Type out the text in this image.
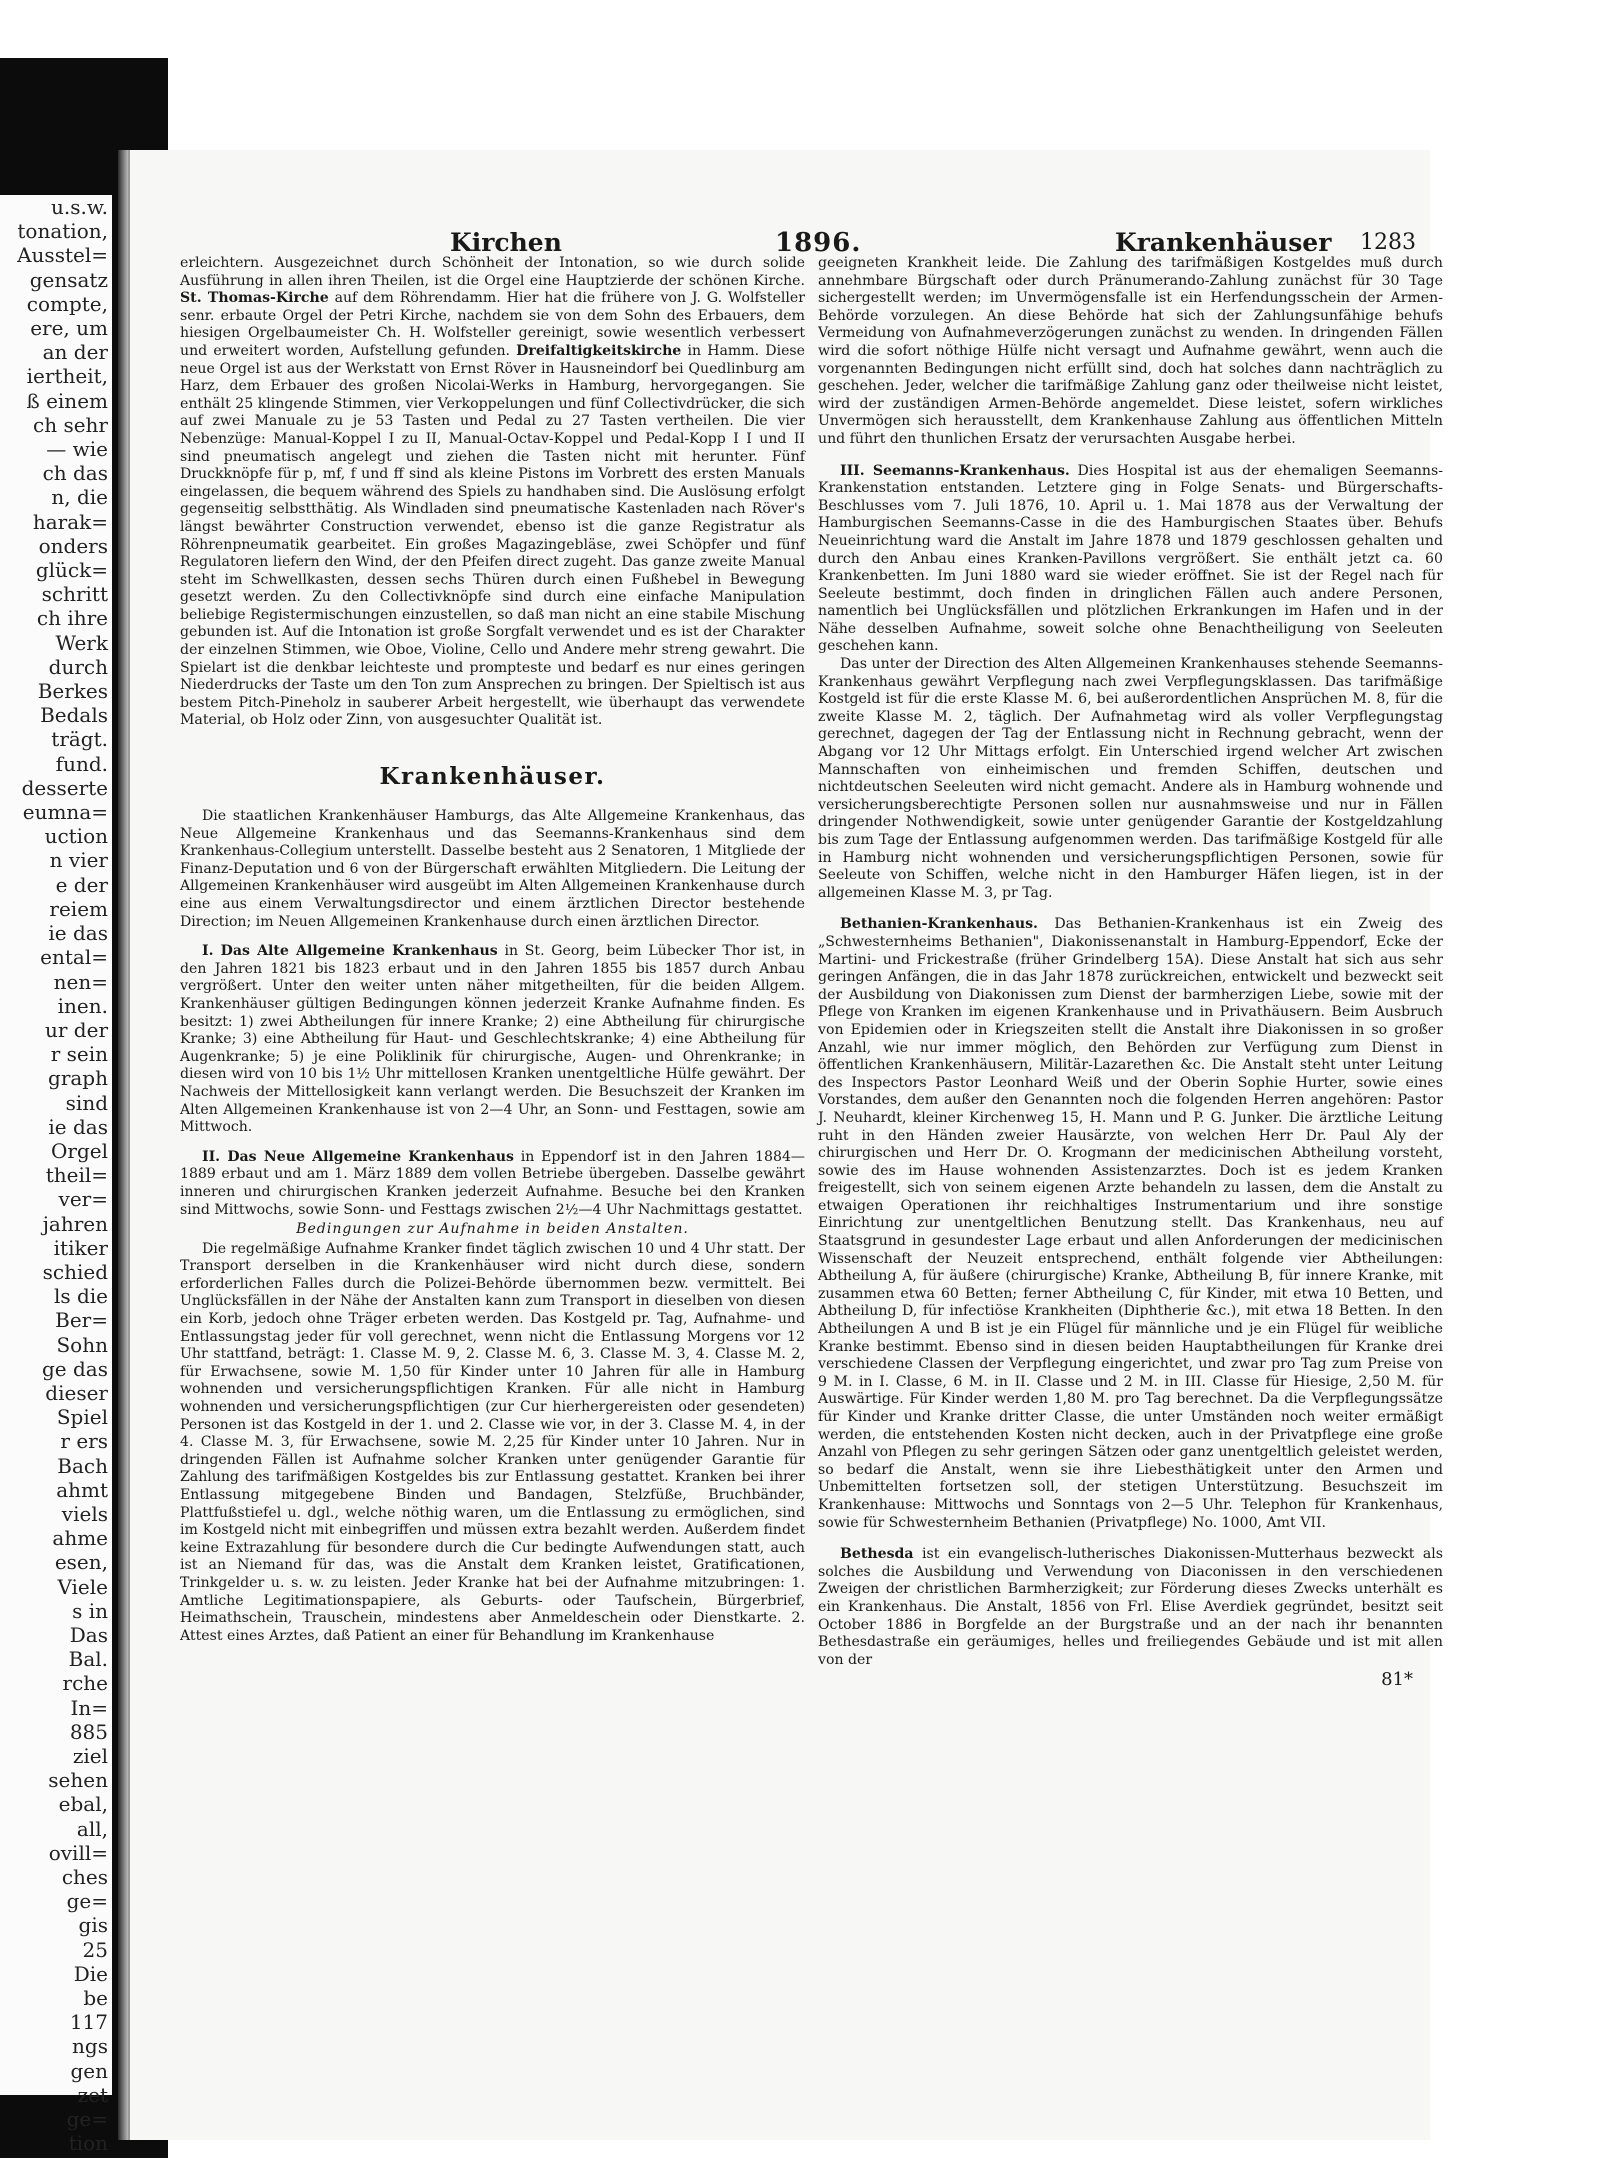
u.s.w.
tonation,
Ausstel=
gensatz
compte,
ere, um
an der
iertheit,
ß einem
ch sehr
— wie
ch das
n, die
harak=
onders
glück=
schritt
ch ihre
Werk
durch
Berkes
Bedals
trägt.
fund.
desserte
eumna=
uction
n vier
e der
reiem
ie das
ental=
nen=
inen.
ur der
r sein
graph
sind
ie das
Orgel
theil=
ver=
jahren
itiker
schied
ls die
Ber=
Sohn
ge das
dieser
Spiel
r ers
Bach
ahmt
viels
ahme
esen,
Viele
s in
Das
Bal.
rche
In=
885
ziel
sehen
ebal,
all,
ovill=
ches
ge=
gis
25
Die
be
117
ngs
gen
zet
ge=
tion
Kirchen	1896.	Krankenhäuser 1283

erleichtern. Ausgezeichnet durch Schönheit der Intonation, so wie durch solide Ausführung in allen ihren Theilen, ist die Orgel eine Hauptzierde der schönen Kirche. St. Thomas-Kirche auf dem Röhrendamm. Hier hat die frühere von J. G. Wolfsteller senr. erbaute Orgel der Petri Kirche, nachdem sie von dem Sohn des Erbauers, dem hiesigen Orgelbaumeister Ch. H. Wolfsteller gereinigt, sowie wesentlich verbessert und erweitert worden, Aufstellung gefunden. Dreifaltigkeitskirche in Hamm. Diese neue Orgel ist aus der Werkstatt von Ernst Röver in Hausneindorf bei Quedlinburg am Harz, dem Erbauer des großen Nicolai-Werks in Hamburg, hervorgegangen. Sie enthält 25 klingende Stimmen, vier Verkoppelungen und fünf Collectivdrücker, die sich auf zwei Manuale zu je 53 Tasten und Pedal zu 27 Tasten vertheilen. Die vier Nebenzüge: Manual-Koppel I zu II, Manual-Octav-Koppel und Pedal-Kopp I I und II sind pneumatisch angelegt und ziehen die Tasten nicht mit herunter. Fünf Druckknöpfe für p, mf, f und ff sind als kleine Pistons im Vorbrett des ersten Manuals eingelassen, die bequem während des Spiels zu handhaben sind. Die Auslösung erfolgt gegenseitig selbstthätig. Als Windladen sind pneumatische Kastenladen nach Röver's längst bewährter Construction verwendet, ebenso ist die ganze Registratur als Röhrenpneumatik gearbeitet. Ein großes Magazingebläse, zwei Schöpfer und fünf Regulatoren liefern den Wind, der den Pfeifen direct zugeht. Das ganze zweite Manual steht im Schwellkasten, dessen sechs Thüren durch einen Fußhebel in Bewegung gesetzt werden. Zu den Collectivknöpfe sind durch eine einfache Manipulation beliebige Registermischungen einzustellen, so daß man nicht an eine stabile Mischung gebunden ist. Auf die Intonation ist große Sorgfalt verwendet und es ist der Charakter der einzelnen Stimmen, wie Oboe, Violine, Cello und Andere mehr streng gewahrt. Die Spielart ist die denkbar leichteste und prompteste und bedarf es nur eines geringen Niederdrucks der Taste um den Ton zum Ansprechen zu bringen. Der Spieltisch ist aus bestem Pitch-Pineholz in sauberer Arbeit hergestellt, wie überhaupt das verwendete Material, ob Holz oder Zinn, von ausgesuchter Qualität ist.

Krankenhäuser.

Die staatlichen Krankenhäuser Hamburgs, das Alte Allgemeine Krankenhaus, das Neue Allgemeine Krankenhaus und das Seemanns-Krankenhaus sind dem Krankenhaus-Collegium unterstellt. Dasselbe besteht aus 2 Senatoren, 1 Mitgliede der Finanz-Deputation und 6 von der Bürgerschaft erwählten Mitgliedern. Die Leitung der Allgemeinen Krankenhäuser wird ausgeübt im Alten Allgemeinen Krankenhause durch eine aus einem Verwaltungsdirector und einem ärztlichen Director bestehende Direction; im Neuen Allgemeinen Krankenhause durch einen ärztlichen Director.

I. Das Alte Allgemeine Krankenhaus in St. Georg, beim Lübecker Thor ist, in den Jahren 1821 bis 1823 erbaut und in den Jahren 1855 bis 1857 durch Anbau vergrößert. Unter den weiter unten näher mitgetheilten, für die beiden Allgem. Krankenhäuser gültigen Bedingungen können jederzeit Kranke Aufnahme finden. Es besitzt: 1) zwei Abtheilungen für innere Kranke; 2) eine Abtheilung für chirurgische Kranke; 3) eine Abtheilung für Haut- und Geschlechtskranke; 4) eine Abtheilung für Augenkranke; 5) je eine Poliklinik für chirurgische, Augen- und Ohrenkranke; in diesen wird von 10 bis 1½ Uhr mittellosen Kranken unentgeltliche Hülfe gewährt. Der Nachweis der Mittellosigkeit kann verlangt werden. Die Besuchszeit der Kranken im Alten Allgemeinen Krankenhause ist von 2—4 Uhr, an Sonn- und Festtagen, sowie am Mittwoch.

II. Das Neue Allgemeine Krankenhaus in Eppendorf ist in den Jahren 1884—1889 erbaut und am 1. März 1889 dem vollen Betriebe übergeben. Dasselbe gewährt inneren und chirurgischen Kranken jederzeit Aufnahme. Besuche bei den Kranken sind Mittwochs, sowie Sonn- und Festtags zwischen 2½—4 Uhr Nachmittags gestattet.

Bedingungen zur Aufnahme in beiden Anstalten.

Die regelmäßige Aufnahme Kranker findet täglich zwischen 10 und 4 Uhr statt. Der Transport derselben in die Krankenhäuser wird nicht durch diese, sondern erforderlichen Falles durch die Polizei-Behörde übernommen bezw. vermittelt. Bei Unglücksfällen in der Nähe der Anstalten kann zum Transport in dieselben von diesen ein Korb, jedoch ohne Träger erbeten werden. Das Kostgeld pr. Tag, Aufnahme- und Entlassungstag jeder für voll gerechnet, wenn nicht die Entlassung Morgens vor 12 Uhr stattfand, beträgt: 1. Classe M. 9, 2. Classe M. 6, 3. Classe M. 3, 4. Classe M. 2, für Erwachsene, sowie M. 1,50 für Kinder unter 10 Jahren für alle in Hamburg wohnenden und versicherungspflichtigen Kranken. Für alle nicht in Hamburg wohnenden und versicherungspflichtigen (zur Cur hierhergereisten oder gesendeten) Personen ist das Kostgeld in der 1. und 2. Classe wie vor, in der 3. Classe M. 4, in der 4. Classe M. 3, für Erwachsene, sowie M. 2,25 für Kinder unter 10 Jahren. Nur in dringenden Fällen ist Aufnahme solcher Kranken unter genügender Garantie für Zahlung des tarifmäßigen Kostgeldes bis zur Entlassung gestattet. Kranken bei ihrer Entlassung mitgegebene Binden und Bandagen, Stelzfüße, Bruchbänder, Plattfußstiefel u. dgl., welche nöthig waren, um die Entlassung zu ermöglichen, sind im Kostgeld nicht mit einbegriffen und müssen extra bezahlt werden. Außerdem findet keine Extrazahlung für besondere durch die Cur bedingte Aufwendungen statt, auch ist an Niemand für das, was die Anstalt dem Kranken leistet, Gratificationen, Trinkgelder u. s. w. zu leisten. Jeder Kranke hat bei der Aufnahme mitzubringen: 1. Amtliche Legitimationspapiere, als Geburts- oder Taufschein, Bürgerbrief, Heimathschein, Trauschein, mindestens aber Anmeldeschein oder Dienstkarte. 2. Attest eines Arztes, daß Patient an einer für Behandlung im Krankenhause

geeigneten Krankheit leide. Die Zahlung des tarifmäßigen Kostgeldes muß durch annehmbare Bürgschaft oder durch Pränumerando-Zahlung zunächst für 30 Tage sichergestellt werden; im Unvermögensfalle ist ein Herfendungsschein der Armen-Behörde vorzulegen. An diese Behörde hat sich der Zahlungsunfähige behufs Vermeidung von Aufnahmeverzögerungen zunächst zu wenden. In dringenden Fällen wird die sofort nöthige Hülfe nicht versagt und Aufnahme gewährt, wenn auch die vorgenannten Bedingungen nicht erfüllt sind, doch hat solches dann nachträglich zu geschehen. Jeder, welcher die tarifmäßige Zahlung ganz oder theilweise nicht leistet, wird der zuständigen Armen-Behörde angemeldet. Diese leistet, sofern wirkliches Unvermögen sich herausstellt, dem Krankenhause Zahlung aus öffentlichen Mitteln und führt den thunlichen Ersatz der verursachten Ausgabe herbei.

III. Seemanns-Krankenhaus. Dies Hospital ist aus der ehemaligen Seemanns-Krankenstation entstanden. Letztere ging in Folge Senats- und Bürgerschafts-Beschlusses vom 7. Juli 1876, 10. April u. 1. Mai 1878 aus der Verwaltung der Hamburgischen Seemanns-Casse in die des Hamburgischen Staates über. Behufs Neueinrichtung ward die Anstalt im Jahre 1878 und 1879 geschlossen gehalten und durch den Anbau eines Kranken-Pavillons vergrößert. Sie enthält jetzt ca. 60 Krankenbetten. Im Juni 1880 ward sie wieder eröffnet. Sie ist der Regel nach für Seeleute bestimmt, doch finden in dringlichen Fällen auch andere Personen, namentlich bei Unglücksfällen und plötzlichen Erkrankungen im Hafen und in der Nähe desselben Aufnahme, soweit solche ohne Benachtheiligung von Seeleuten geschehen kann.

Das unter der Direction des Alten Allgemeinen Krankenhauses stehende Seemanns-Krankenhaus gewährt Verpflegung nach zwei Verpflegungsklassen. Das tarifmäßige Kostgeld ist für die erste Klasse M. 6, bei außerordentlichen Ansprüchen M. 8, für die zweite Klasse M. 2, täglich. Der Aufnahmetag wird als voller Verpflegungstag gerechnet, dagegen der Tag der Entlassung nicht in Rechnung gebracht, wenn der Abgang vor 12 Uhr Mittags erfolgt. Ein Unterschied irgend welcher Art zwischen Mannschaften von einheimischen und fremden Schiffen, deutschen und nichtdeutschen Seeleuten wird nicht gemacht. Andere als in Hamburg wohnende und versicherungsberechtigte Personen sollen nur ausnahmsweise und nur in Fällen dringender Nothwendigkeit, sowie unter genügender Garantie der Kostgeldzahlung bis zum Tage der Entlassung aufgenommen werden. Das tarifmäßige Kostgeld für alle in Hamburg nicht wohnenden und versicherungspflichtigen Personen, sowie für Seeleute von Schiffen, welche nicht in den Hamburger Häfen liegen, ist in der allgemeinen Klasse M. 3, pr Tag.

Bethanien-Krankenhaus. Das Bethanien-Krankenhaus ist ein Zweig des „Schwesternheims Bethanien", Diakonissenanstalt in Hamburg-Eppendorf, Ecke der Martini- und Frickestraße (früher Grindelberg 15A). Diese Anstalt hat sich aus sehr geringen Anfängen, die in das Jahr 1878 zurückreichen, entwickelt und bezweckt seit der Ausbildung von Diakonissen zum Dienst der barmherzigen Liebe, sowie mit der Pflege von Kranken im eigenen Krankenhause und in Privathäusern. Beim Ausbruch von Epidemien oder in Kriegszeiten stellt die Anstalt ihre Diakonissen in so großer Anzahl, wie nur immer möglich, den Behörden zur Verfügung zum Dienst in öffentlichen Krankenhäusern, Militär-Lazarethen &c. Die Anstalt steht unter Leitung des Inspectors Pastor Leonhard Weiß und der Oberin Sophie Hurter, sowie eines Vorstandes, dem außer den Genannten noch die folgenden Herren angehören: Pastor J. Neuhardt, kleiner Kirchenweg 15, H. Mann und P. G. Junker. Die ärztliche Leitung ruht in den Händen zweier Hausärzte, von welchen Herr Dr. Paul Aly der chirurgischen und Herr Dr. O. Krogmann der medicinischen Abtheilung vorsteht, sowie des im Hause wohnenden Assistenzarztes. Doch ist es jedem Kranken freigestellt, sich von seinem eigenen Arzte behandeln zu lassen, dem die Anstalt zu etwaigen Operationen ihr reichhaltiges Instrumentarium und ihre sonstige Einrichtung zur unentgeltlichen Benutzung stellt. Das Krankenhaus, neu auf Staatsgrund in gesundester Lage erbaut und allen Anforderungen der medicinischen Wissenschaft der Neuzeit entsprechend, enthält folgende vier Abtheilungen: Abtheilung A, für äußere (chirurgische) Kranke, Abtheilung B, für innere Kranke, mit zusammen etwa 60 Betten; ferner Abtheilung C, für Kinder, mit etwa 10 Betten, und Abtheilung D, für infectiöse Krankheiten (Diphtherie &c.), mit etwa 18 Betten. In den Abtheilungen A und B ist je ein Flügel für männliche und je ein Flügel für weibliche Kranke bestimmt. Ebenso sind in diesen beiden Hauptabtheilungen für Kranke drei verschiedene Classen der Verpflegung eingerichtet, und zwar pro Tag zum Preise von 9 M. in I. Classe, 6 M. in II. Classe und 2 M. in III. Classe für Hiesige, 2,50 M. für Auswärtige. Für Kinder werden 1,80 M. pro Tag berechnet. Da die Verpflegungssätze für Kinder und Kranke dritter Classe, die unter Umständen noch weiter ermäßigt werden, die entstehenden Kosten nicht decken, auch in der Privatpflege eine große Anzahl von Pflegen zu sehr geringen Sätzen oder ganz unentgeltlich geleistet werden, so bedarf die Anstalt, wenn sie ihre Liebesthätigkeit unter den Armen und Unbemittelten fortsetzen soll, der stetigen Unterstützung. Besuchszeit im Krankenhause: Mittwochs und Sonntags von 2—5 Uhr. Telephon für Krankenhaus, sowie für Schwesternheim Bethanien (Privatpflege) No. 1000, Amt VII.

Bethesda ist ein evangelisch-lutherisches Diakonissen-Mutterhaus bezweckt als solches die Ausbildung und Verwendung von Diaconissen in den verschiedenen Zweigen der christlichen Barmherzigkeit; zur Förderung dieses Zwecks unterhält es ein Krankenhaus. Die Anstalt, 1856 von Frl. Elise Averdiek gegründet, besitzt seit October 1886 in Borgfelde an der Burgstraße und an der nach ihr benannten Bethesdastraße ein geräumiges, helles und freiliegendes Gebäude und ist mit allen von der

81*
